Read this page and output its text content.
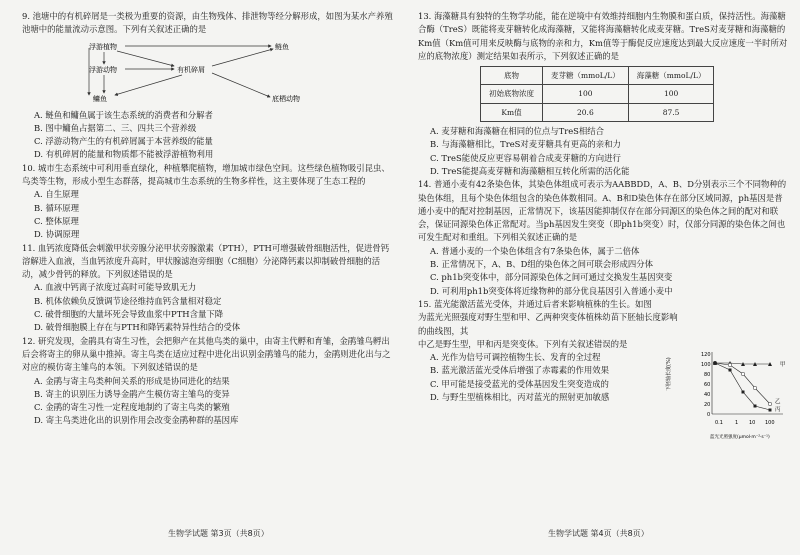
9. 池塘中的有机碎屑是一类极为重要的资源，由生物残体、排泄物等经分解形成，如图为某水产养殖池塘中的能量流动示意图。下列有关叙述正确的是

浮游植物
浮游动物	有机碎屑
鲢鱼
鳙鱼	底栖动物

A. 鲢鱼和鳙鱼属于该生态系统的消费者和分解者

B. 图中鳙鱼占据第二、三、四共三个营养级

C. 浮游动物产生的有机碎屑属于本营养级的能量

D. 有机碎屑的能量和物质都不能被浮游植物利用

10. 城市生态系统中可利用垂直绿化，种植攀爬植物，增加城市绿色空间。这些绿色植物吸引昆虫、鸟类等生物，形成小型生态群落，提高城市生态系统的生物多样性，这主要体现了生态工程的

A. 自生原理

B. 循环原理

C. 整体原理

D. 协调原理

11. 血钙浓度降低会刺激甲状旁腺分泌甲状旁腺激素（PTH），PTH可增强破骨细胞活性，促进骨钙溶解进入血液，当血钙浓度升高时，甲状腺滤泡旁细胞（C细胞）分泌降钙素以抑制破骨细胞的活动，减少骨钙的释放。下列叙述错误的是

A. 血液中钙离子浓度过高时可能导致肌无力

B. 机体依赖负反馈调节途径维持血钙含量相对稳定

C. 破骨细胞的大量坏死会导致血浆中PTH含量下降

D. 破骨细胞膜上存在与PTH和降钙素特异性结合的受体

12. 研究发现，金鹃具有寄生习性，会把卵产在其他鸟类的巢中，由寄主代孵和育雏，金鹃雏鸟孵出后会将寄主的卵从巢中推掉。寄主鸟类在适应过程中进化出识别金鹃雏鸟的能力，金鹃则进化出与之对应的模仿寄主雏鸟的本领。下列叙述错误的是

A. 金鹃与寄主鸟类种间关系的形成是协同进化的结果

B. 寄主的识别压力诱导金鹃产生模仿寄主雏鸟的变异

C. 金鹃的寄生习性一定程度地制约了寄主鸟类的繁殖

D. 寄主鸟类进化出的识别作用会改变金鹃种群的基因库

生物学试题 第3页（共8页）

13. 海藻糖具有独特的生物学功能，能在逆境中有效维持细胞内生物膜和蛋白质，保持活性。海藻糖合酶（TreS）既能将麦芽糖转化成海藻糖，又能将海藻糖转化成麦芽糖。TreS对麦芽糖和海藻糖的Km值（Km值可用来反映酶与底物的亲和力，Km值等于酶促反应速度达到最大反应速度一半时所对应的底物浓度）测定结果如表所示，下列叙述正确的是

底物	麦芽糖（mmoL/L）	海藻糖（mmoL/L）
初始底物浓度	100	100
Km值	20.6	87.5

A. 麦芽糖和海藻糖在相同的位点与TreS相结合

B. 与海藻糖相比，TreS对麦芽糖具有更高的亲和力

C. TreS能使反应更容易朝着合成麦芽糖的方向进行

D. TreS能提高麦芽糖和海藻糖相互转化所需的活化能

14. 普通小麦有42条染色体，其染色体组成可表示为AABBDD，A、B、D分别表示三个不同物种的染色体组，且每个染色体组包含的染色体数相同。A、B和D染色体存在部分区域同源，ph基因是普通小麦中的配对控制基因，正常情况下，该基因能抑制仅存在部分同源区的染色体之间的配对和联会，保证同源染色体正常配对。当ph基因发生突变（即ph1b突变）时，仅部分同源的染色体之间也可发生配对和重组。下列相关叙述正确的是

A. 普通小麦的一个染色体组含有7条染色体，属于二倍体

B. 正常情况下，A、B、D组的染色体之间可联会形成四分体

C. ph1b突变体中，部分同源染色体之间可通过交换发生基因突变

D. 可利用ph1b突变体将近缘物种的部分优良基因引入普通小麦中

15. 蓝光能激活蓝光受体，并通过后者来影响植株的生长。如图

为蓝光光照强度对野生型和甲、乙两种突变体植株幼苗下胚轴长度影响的曲线图，其

中乙是野生型，甲和丙是突变体。下列有关叙述错误的是

A. 光作为信号可调控植物生长、发育的全过程

B. 蓝光激活蓝光受体后增强了赤霉素的作用效果

C. 甲可能是接受蓝光的受体基因发生突变造成的

D. 与野生型植株相比，丙对蓝光的照射更加敏感

120
100
80
60
40
20
0
0.1 1 10 100
蓝光光照强度(μmol·m⁻²·s⁻¹)
下胚轴长度(%)	甲
乙
丙
生物学试题 第4页（共8页）
